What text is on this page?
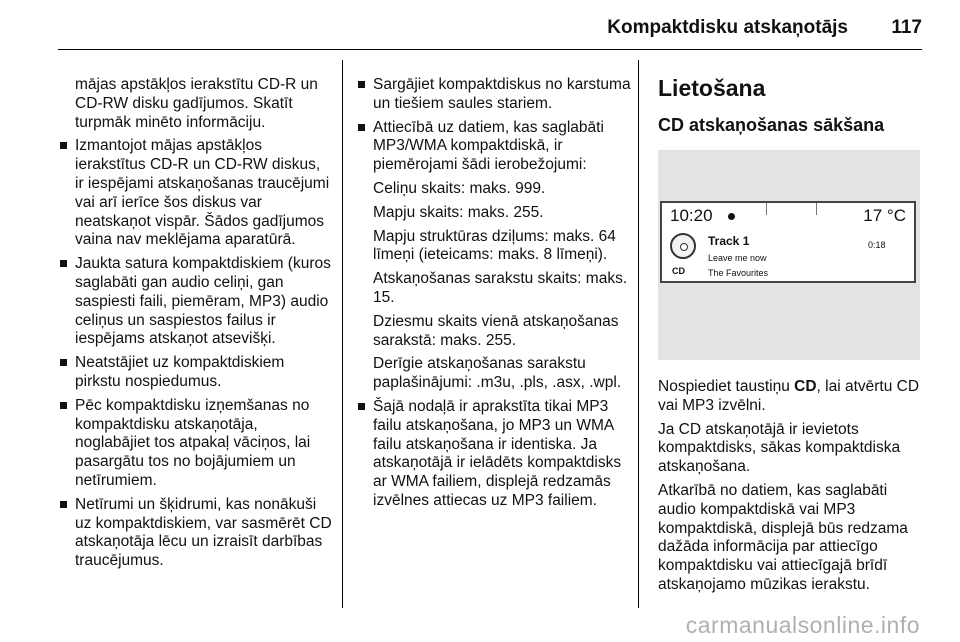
Kompaktdisku atskaņotājs 117
mājas apstākļos ierakstītu CD-R un CD-RW disku gadījumos. Skatīt turpmāk minēto informāciju.
Izmantojot mājas apstākļos ierakstītus CD-R un CD-RW diskus, ir iespējami atskaņošanas traucējumi vai arī ierīce šos diskus var neatskaņot vispār. Šādos gadījumos vaina nav meklējama aparatūrā.
Jaukta satura kompaktdiskiem (kuros saglabāti gan audio celiņi, gan saspiesti faili, piemēram, MP3) audio celiņus un saspiestos failus ir iespējams atskaņot atsevišķi.
Neatstājiet uz kompaktdiskiem pirkstu nospiedumus.
Pēc kompaktdisku izņemšanas no kompaktdisku atskaņotāja, noglabājiet tos atpakaļ vāciņos, lai pasargātu tos no bojājumiem un netīrumiem.
Netīrumi un šķidrumi, kas nonākuši uz kompaktdiskiem, var sasmērēt CD atskaņotāja lēcu un izraisīt darbības traucējumus.
Sargājiet kompaktdiskus no karstuma un tiešiem saules stariem.
Attiecībā uz datiem, kas saglabāti MP3/WMA kompaktdiskā, ir piemērojami šādi ierobežojumi:
Celiņu skaits: maks. 999.
Mapju skaits: maks. 255.
Mapju struktūras dziļums: maks. 64 līmeņi (ieteicams: maks. 8 līmeņi).
Atskaņošanas sarakstu skaits: maks. 15.
Dziesmu skaits vienā atskaņošanas sarakstā: maks. 255.
Derīgie atskaņošanas sarakstu paplašinājumi: .m3u, .pls, .asx, .wpl.
Šajā nodaļā ir aprakstīta tikai MP3 failu atskaņošana, jo MP3 un WMA failu atskaņošana ir identiska. Ja atskaņotājā ir ielādēts kompaktdisks ar WMA failiem, displejā redzamās izvēlnes attiecas uz MP3 failiem.
Lietošana
CD atskaņošanas sākšana
10:20	17 °C
CD
Track 1
Leave me now
The Favourites
0:18
Nospiediet taustiņu CD, lai atvērtu CD vai MP3 izvēlni.
Ja CD atskaņotājā ir ievietots kompaktdisks, sākas kompaktdiska atskaņošana.
Atkarībā no datiem, kas saglabāti audio kompaktdiskā vai MP3 kompaktdiskā, displejā būs redzama dažāda informācija par attiecīgo kompaktdisku vai attiecīgajā brīdī atskaņojamo mūzikas ierakstu.
carmanualsonline.info
